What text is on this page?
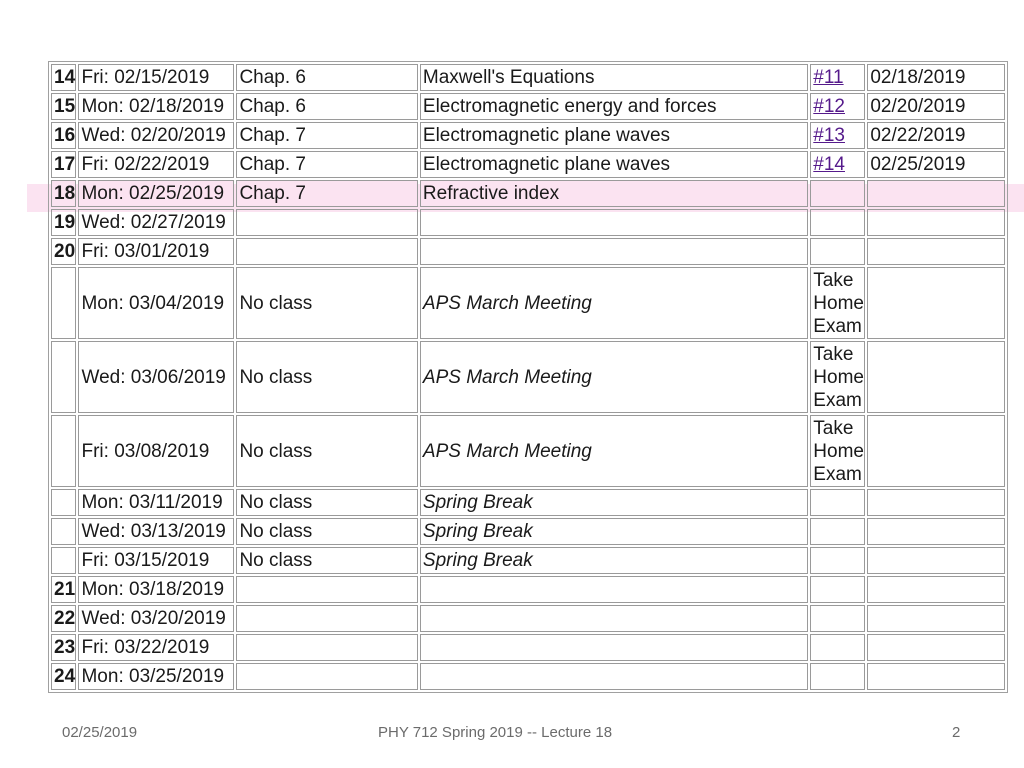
14	Fri: 02/15/2019	Chap. 6	Maxwell's Equations	#11	02/18/2019
15	Mon: 02/18/2019	Chap. 6	Electromagnetic energy and forces	#12	02/20/2019
16	Wed: 02/20/2019	Chap. 7	Electromagnetic plane waves	#13	02/22/2019
17	Fri: 02/22/2019	Chap. 7	Electromagnetic plane waves	#14	02/25/2019
18	Mon: 02/25/2019	Chap. 7	Refractive index		
19	Wed: 02/27/2019				
20	Fri: 03/01/2019				
	Mon: 03/04/2019	No class	APS March Meeting	Take Home Exam	
	Wed: 03/06/2019	No class	APS March Meeting	Take Home Exam	
	Fri: 03/08/2019	No class	APS March Meeting	Take Home Exam	
	Mon: 03/11/2019	No class	Spring Break		
	Wed: 03/13/2019	No class	Spring Break		
	Fri: 03/15/2019	No class	Spring Break		
21	Mon: 03/18/2019				
22	Wed: 03/20/2019				
23	Fri: 03/22/2019				
24	Mon: 03/25/2019				
02/25/2019	PHY 712 Spring 2019 -- Lecture 18	2
